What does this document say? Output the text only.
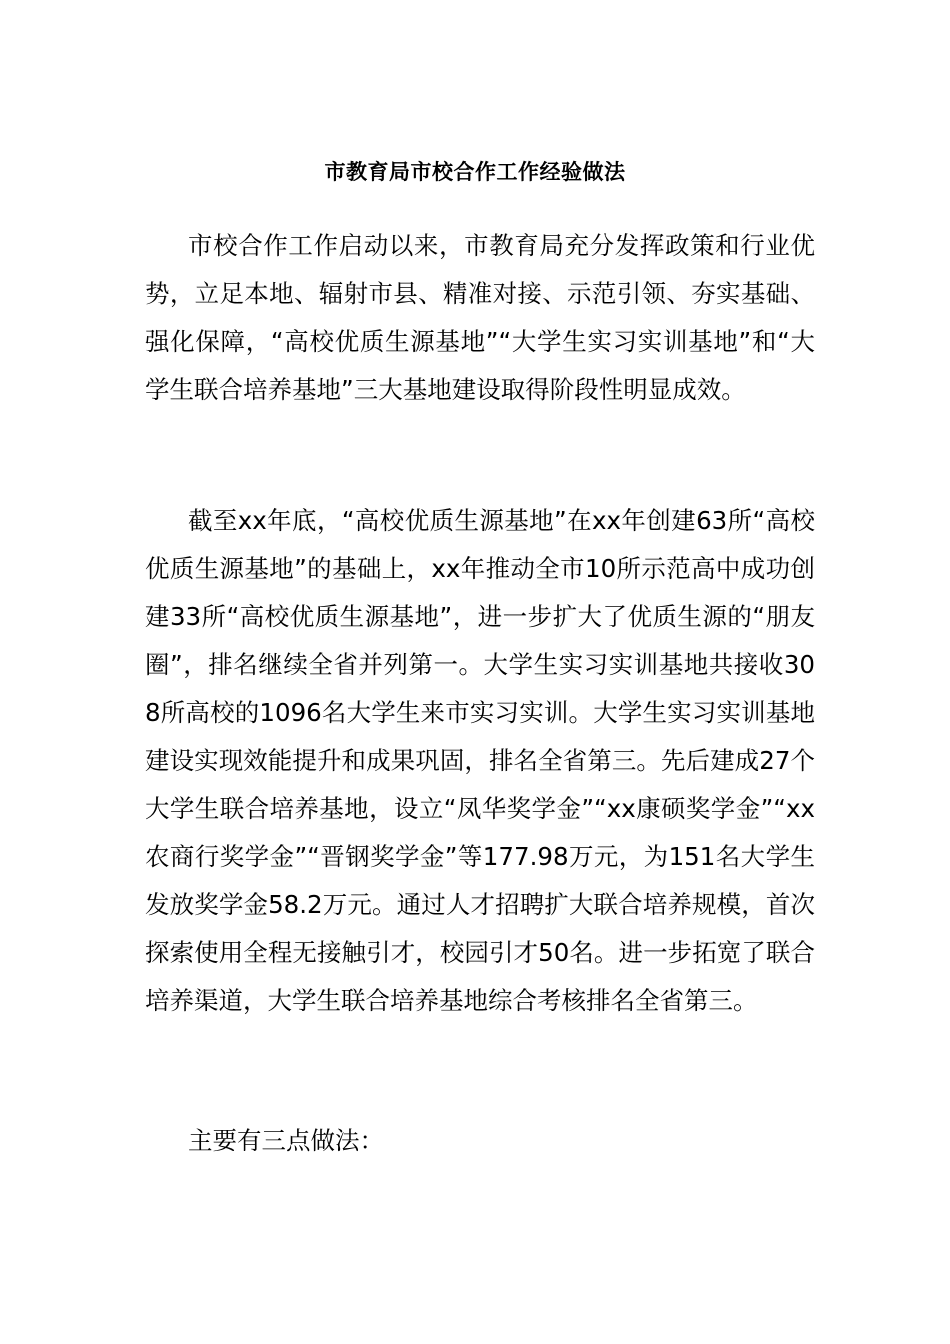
市教育局市校合作工作经验做法

市校合作工作启动以来，市教育局充分发挥政策和行业优势，立足本地、辐射市县、精准对接、示范引领、夯实基础、强化保障，“高校优质生源基地”“大学生实习实训基地”和“大学生联合培养基地”三大基地建设取得阶段性明显成效。

截至xx年底，“高校优质生源基地”在xx年创建63所“高校优质生源基地”的基础上，xx年推动全市10所示范高中成功创建33所“高校优质生源基地”，进一步扩大了优质生源的“朋友圈”，排名继续全省并列第一。大学生实习实训基地共接收308所高校的1096名大学生来市实习实训。大学生实习实训基地建设实现效能提升和成果巩固，排名全省第三。先后建成27个大学生联合培养基地，设立“凤华奖学金”“xx康硕奖学金”“xx农商行奖学金”“晋钢奖学金”等177.98万元，为151名大学生发放奖学金58.2万元。通过人才招聘扩大联合培养规模，首次探索使用全程无接触引才，校园引才50名。进一步拓宽了联合培养渠道，大学生联合培养基地综合考核排名全省第三。

主要有三点做法：
